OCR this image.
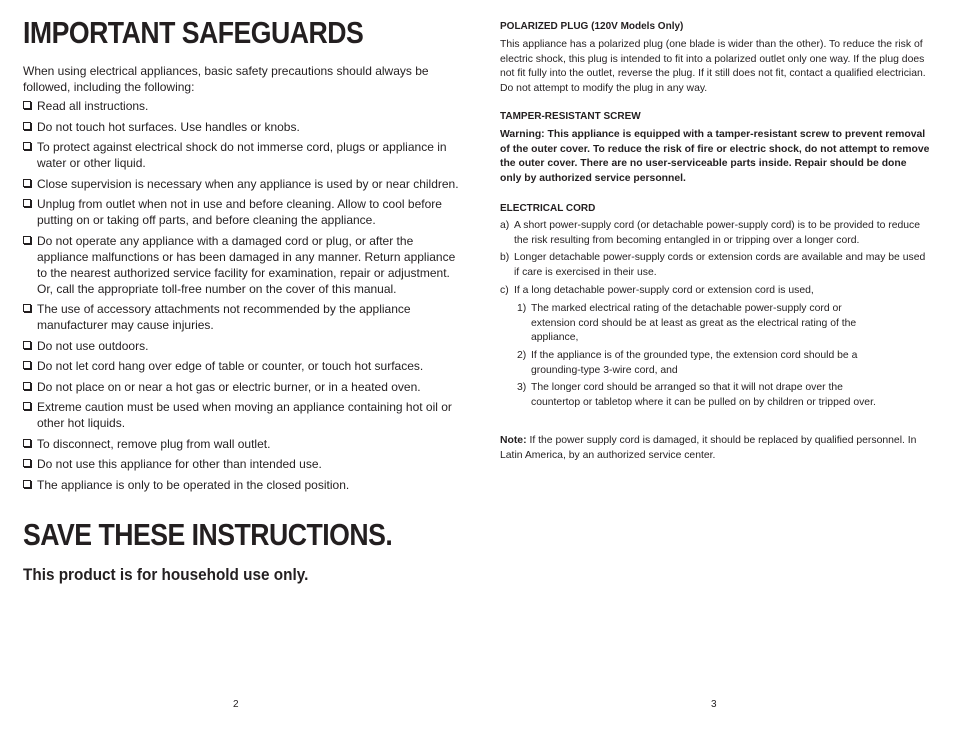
IMPORTANT SAFEGUARDS

When using electrical appliances, basic safety precautions should always be followed, including the following:

Read all instructions.
Do not touch hot surfaces. Use handles or knobs.
To protect against electrical shock do not immerse cord, plugs or appliance in water or other liquid.
Close supervision is necessary when any appliance is used by or near children.
Unplug from outlet when not in use and before cleaning. Allow to cool before putting on or taking off parts, and before cleaning the appliance.
Do not operate any appliance with a damaged cord or plug, or after the appliance malfunctions or has been damaged in any manner. Return appliance to the nearest authorized service facility for examination, repair or adjustment. Or, call the appropriate toll-free number on the cover of this manual.
The use of accessory attachments not recommended by the appliance manufacturer may cause injuries.
Do not use outdoors.
Do not let cord hang over edge of table or counter, or touch hot surfaces.
Do not place on or near a hot gas or electric burner, or in a heated oven.
Extreme caution must be used when moving an appliance containing hot oil or other hot liquids.
To disconnect, remove plug from wall outlet.
Do not use this appliance for other than intended use.
The appliance is only to be operated in the closed position.
SAVE THESE INSTRUCTIONS.

This product is for household use only.

POLARIZED PLUG (120V Models Only)

This appliance has a polarized plug (one blade is wider than the other). To reduce the risk of electric shock, this plug is intended to fit into a polarized outlet only one way. If the plug does not fit fully into the outlet, reverse the plug. If it still does not fit, contact a qualified electrician. Do not attempt to modify the plug in any way.

TAMPER-RESISTANT SCREW

Warning: This appliance is equipped with a tamper-resistant screw to prevent removal of the outer cover. To reduce the risk of fire or electric shock, do not attempt to remove the outer cover. There are no user-serviceable parts inside. Repair should be done only by authorized service personnel.

ELECTRICAL CORD

a) A short power-supply cord (or detachable power-supply cord) is to be provided to reduce the risk resulting from becoming entangled in or tripping over a longer cord.

b) Longer detachable power-supply cords or extension cords are available and may be used if care is exercised in their use.

c) If a long detachable power-supply cord or extension cord is used,

1) The marked electrical rating of the detachable power-supply cord or extension cord should be at least as great as the electrical rating of the appliance,

2) If the appliance is of the grounded type, the extension cord should be a grounding-type 3-wire cord, and

3) The longer cord should be arranged so that it will not drape over the countertop or tabletop where it can be pulled on by children or tripped over.

Note: If the power supply cord is damaged, it should be replaced by qualified personnel. In Latin America, by an authorized service center.

2	3
